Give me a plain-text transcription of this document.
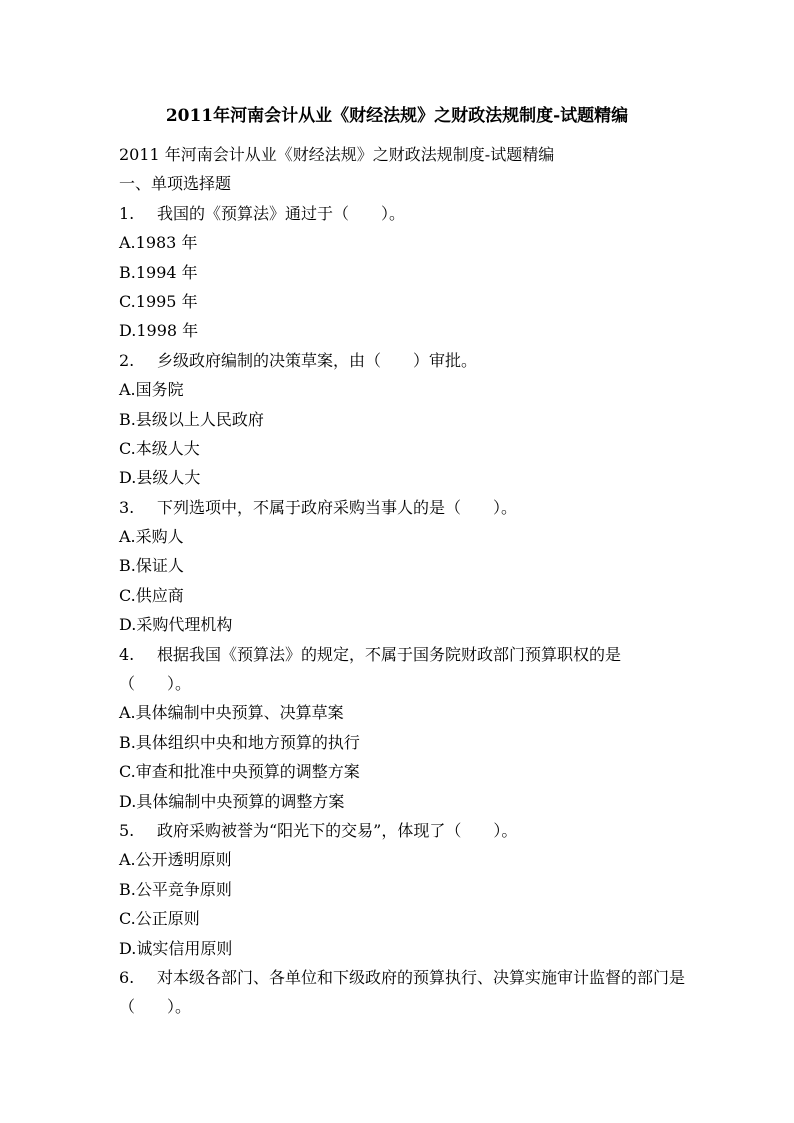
2011年河南会计从业《财经法规》之财政法规制度-试题精编
2011 年河南会计从业《财经法规》之财政法规制度-试题精编
一、单项选择题
1. 我国的《预算法》通过于（　　）。
A.1983 年
B.1994 年
C.1995 年
D.1998 年
2. 乡级政府编制的决策草案，由（　　）审批。
A.国务院
B.县级以上人民政府
C.本级人大
D.县级人大
3. 下列选项中，不属于政府采购当事人的是（　　）。
A.采购人
B.保证人
C.供应商
D.采购代理机构
4. 根据我国《预算法》的规定，不属于国务院财政部门预算职权的是（　　）。
A.具体编制中央预算、决算草案
B.具体组织中央和地方预算的执行
C.审查和批准中央预算的调整方案
D.具体编制中央预算的调整方案
5. 政府采购被誉为“阳光下的交易”，体现了（　　）。
A.公开透明原则
B.公平竞争原则
C.公正原则
D.诚实信用原则
6. 对本级各部门、各单位和下级政府的预算执行、决算实施审计监督的部门是（　　）。
